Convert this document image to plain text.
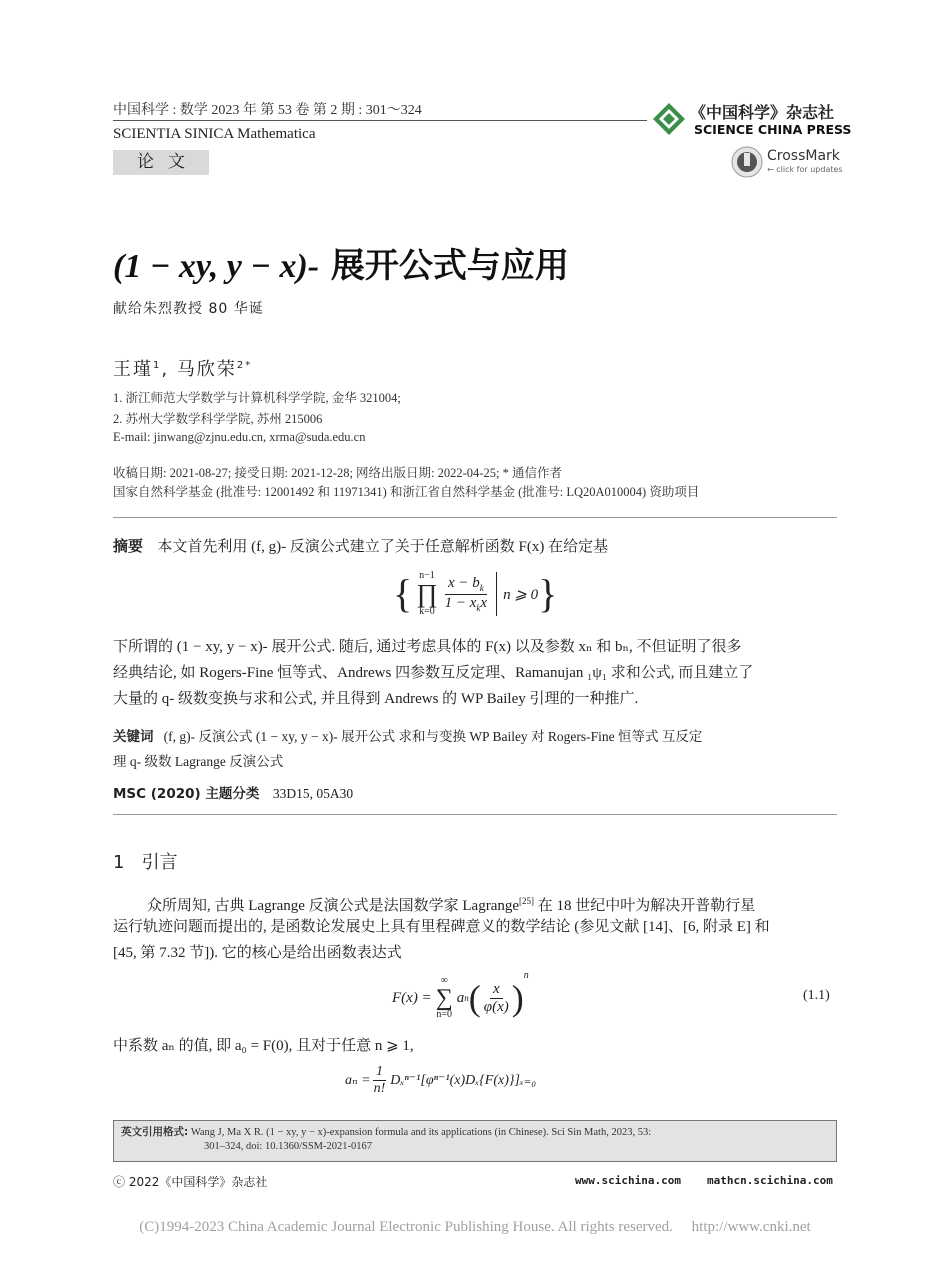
中国科学 : 数学 2023 年 第 53 卷 第 2 期 : 301～324
SCIENTIA SINICA Mathematica
论文
《中国科学》杂志社
SCIENCE CHINA PRESS
CrossMark
← click for updates
(1 − xy, y − x)- 展开公式与应用
献给朱烈教授 80 华诞
王瑾$^1$, 马欣荣$^{2*}$
1. 浙江师范大学数学与计算机科学学院, 金华 321004;
2. 苏州大学数学科学学院, 苏州 215006
E-mail: jinwang@zjnu.edu.cn, xrma@suda.edu.cn
收稿日期: 2021-08-27; 接受日期: 2021-12-28; 网络出版日期: 2022-04-25; * 通信作者
国家自然科学基金 (批准号: 12001492 和 11971341) 和浙江省自然科学基金 (批准号: LQ20A010004) 资助项目
摘要 本文首先利用 (f, g)- 反演公式建立了关于任意解析函数 F(x) 在给定基
{ n−1
∏
$k=0 \frac{x - b_k}{1 - x_kx}$ n ⩾ 0 }
下所谓的 (1 − xy, y − x)- 展开公式. 随后, 通过考虑具体的 F(x) 以及参数 xₙ 和 bₙ, 不但证明了很多
经典结论, 如 Rogers-Fine 恒等式、Andrews 四参数互反定理、Ramanujan ₁ψ₁ 求和公式, 而且建立了
大量的 q- 级数变换与求和公式, 并且得到 Andrews 的 WP Bailey 引理的一种推广.
关键词 (f, g)- 反演公式 (1 − xy, y − x)- 展开公式 求和与变换 WP Bailey 对 Rogers-Fine 恒等式 互反定
理 q- 级数 Lagrange 反演公式
MSC (2020) 主题分类 33D15, 05A30
1 引言
众所周知, 古典 Lagrange 反演公式是法国数学家 Lagrange[25] 在 18 世纪中叶为解决开普勒行星
运行轨迹问题而提出的, 是函数论发展史上具有里程碑意义的数学结论 (参见文献 [14]、[6, 附录 E] 和
[45, 第 7.32 节]). 它的核心是给出函数表达式
F(x) =
∞
∑
n=0
a n ( $\frac{x}{\varphi(x)}$ )
$^n$
(1.1)
中系数 aₙ 的值, 即 a₀ = F(0), 且对于任意 n ⩾ 1,
$a_n = \frac{1}{n!} D_x^{n-1}[\varphi^{n-1}(x)D_x\{F(x)\}]_{x=0}$
英文引用格式: Wang J, Ma X R. (1 − xy, y − x)-expansion formula and its applications (in Chinese). Sci Sin Math, 2023, 53:
301–324, doi: 10.1360/SSM-2021-0167
ⓒ 2022《中国科学》杂志社	www.scichina.com mathcn.scichina.com
(C)1994-2023 China Academic Journal Electronic Publishing House. All rights reserved.     http://www.cnki.net
